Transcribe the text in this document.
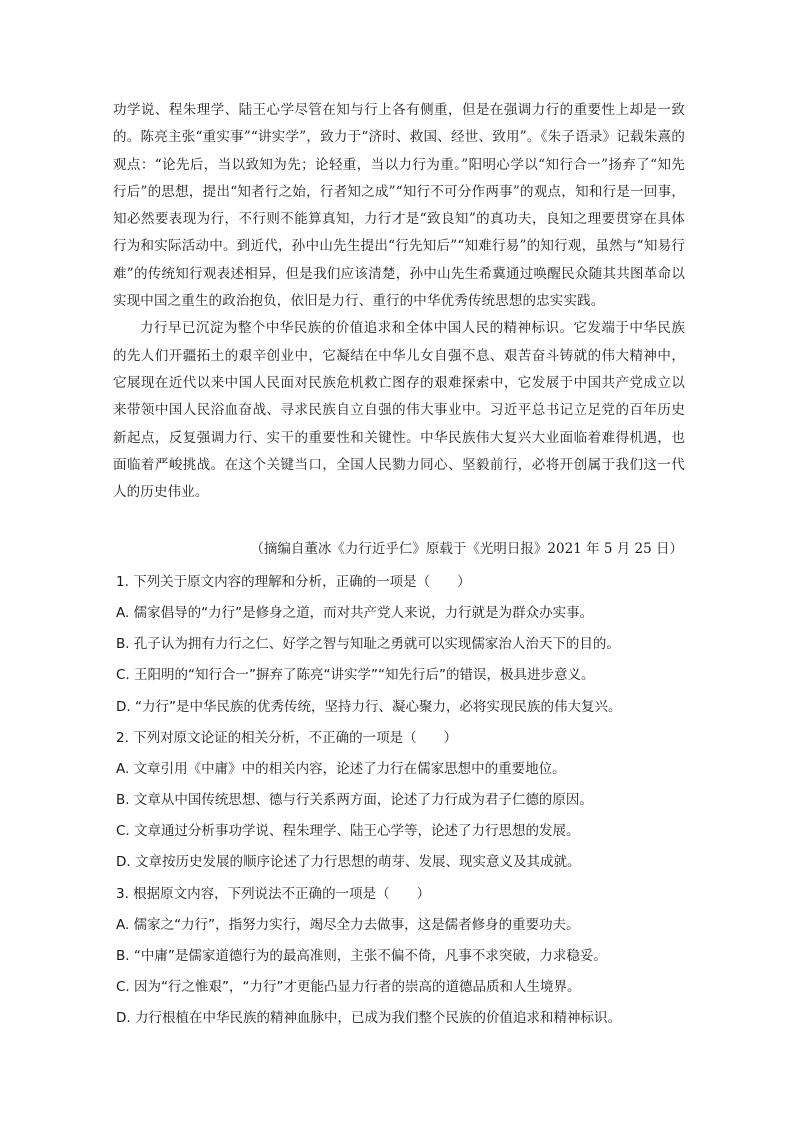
功学说、程朱理学、陆王心学尽管在知与行上各有侧重，但是在强调力行的重要性上却是一致的。陈亮主张“重实事”“讲实学”，致力于“济时、救国、经世、致用”。《朱子语录》记载朱熹的观点：“论先后，当以致知为先；论轻重，当以力行为重。”阳明心学以“知行合一”扬弃了“知先行后”的思想，提出“知者行之始，行者知之成”“知行不可分作两事”的观点，知和行是一回事，知必然要表现为行，不行则不能算真知，力行才是“致良知”的真功夫，良知之理要贯穿在具体行为和实际活动中。到近代，孙中山先生提出“行先知后”“知难行易”的知行观，虽然与“知易行难”的传统知行观表述相异，但是我们应该清楚，孙中山先生希冀通过唤醒民众随其共图革命以实现中国之重生的政治抱负，依旧是力行、重行的中华优秀传统思想的忠实实践。

力行早已沉淀为整个中华民族的价值追求和全体中国人民的精神标识。它发端于中华民族的先人们开疆拓土的艰辛创业中，它凝结在中华儿女自强不息、艰苦奋斗铸就的伟大精神中，它展现在近代以来中国人民面对民族危机救亡图存的艰难探索中，它发展于中国共产党成立以来带领中国人民浴血奋战、寻求民族自立自强的伟大事业中。习近平总书记立足党的百年历史新起点，反复强调力行、实干的重要性和关键性。中华民族伟大复兴大业面临着难得机遇，也面临着严峻挑战。在这个关键当口，全国人民勠力同心、坚毅前行，必将开创属于我们这一代人的历史伟业。

（摘编自董冰《力行近乎仁》原载于《光明日报》2021 年 5 月 25 日）
1. 下列关于原文内容的理解和分析，正确的一项是（　　）
A. 儒家倡导的“力行”是修身之道，而对共产党人来说，力行就是为群众办实事。
B. 孔子认为拥有力行之仁、好学之智与知耻之勇就可以实现儒家治人治天下的目的。
C. 王阳明的“知行合一”摒弃了陈亮“讲实学”“知先行后”的错误，极具进步意义。
D. “力行”是中华民族的优秀传统，坚持力行、凝心聚力，必将实现民族的伟大复兴。
2. 下列对原文论证的相关分析，不正确的一项是（　　）
A. 文章引用《中庸》中的相关内容，论述了力行在儒家思想中的重要地位。
B. 文章从中国传统思想、德与行关系两方面，论述了力行成为君子仁德的原因。
C. 文章通过分析事功学说、程朱理学、陆王心学等，论述了力行思想的发展。
D. 文章按历史发展的顺序论述了力行思想的萌芽、发展、现实意义及其成就。
3. 根据原文内容，下列说法不正确的一项是（　　）
A. 儒家之“力行”，指努力实行，竭尽全力去做事，这是儒者修身的重要功夫。
B. “中庸”是儒家道德行为的最高准则，主张不偏不倚，凡事不求突破，力求稳妥。
C. 因为“行之惟艰”，“力行”才更能凸显力行者的崇高的道德品质和人生境界。
D. 力行根植在中华民族的精神血脉中，已成为我们整个民族的价值追求和精神标识。
